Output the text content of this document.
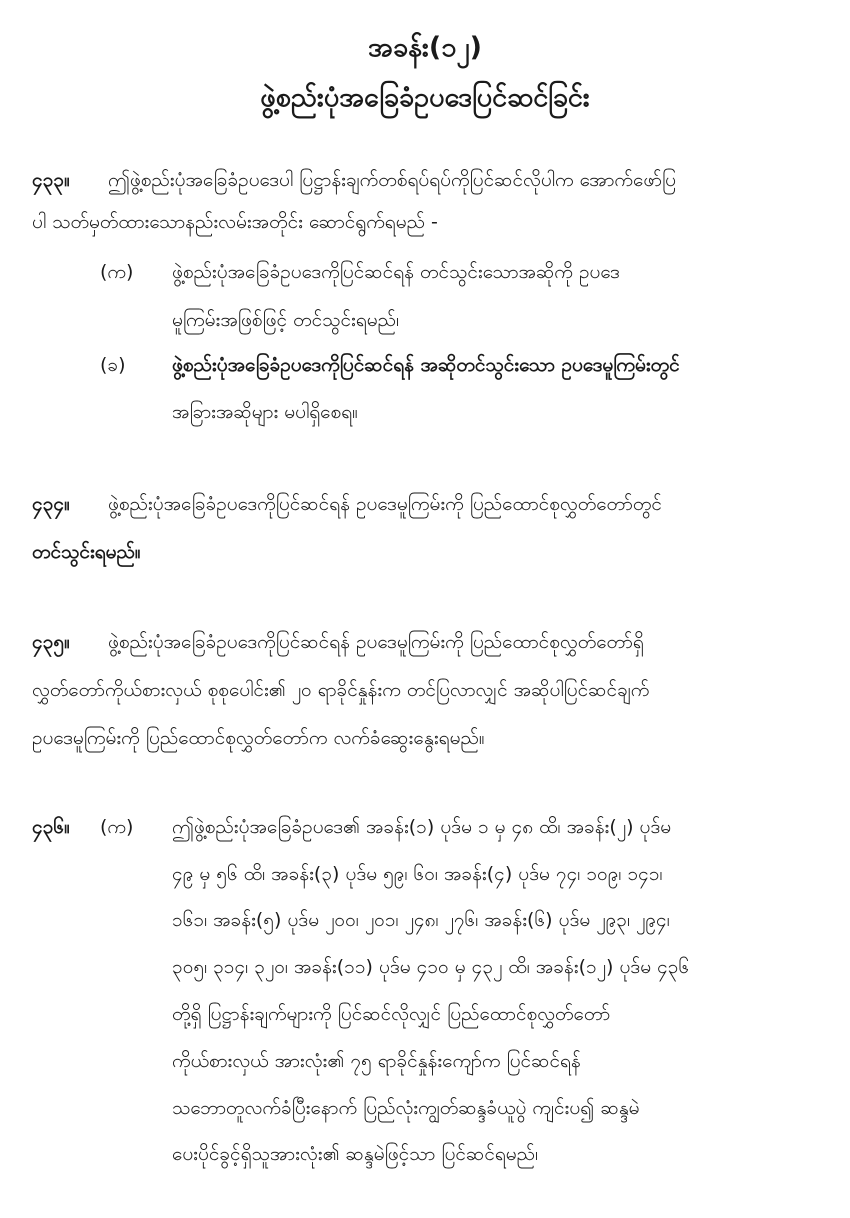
အခန်း(၁၂)
ဖွဲ့စည်းပုံအခြေခံဥပဒေပြင်ဆင်ခြင်း
၄၃၃။ ဤဖွဲ့စည်းပုံအခြေခံဥပဒေပါ ပြဋ္ဌာန်းချက်တစ်ရပ်ရပ်ကိုပြင်ဆင်လိုပါက အောက်ဖော်ပြ
ပါ သတ်မှတ်ထားသောနည်းလမ်းအတိုင်း ဆောင်ရွက်ရမည် -
(က) ဖွဲ့စည်းပုံအခြေခံဥပဒေကိုပြင်ဆင်ရန် တင်သွင်းသောအဆိုကို ဥပဒေ
မူကြမ်းအဖြစ်ဖြင့် တင်သွင်းရမည်၊
(ခ) ဖွဲ့စည်းပုံအခြေခံဥပဒေကိုပြင်ဆင်ရန် အဆိုတင်သွင်းသော ဥပဒေမူကြမ်းတွင်
အခြားအဆိုများ မပါရှိစေရ။
၄၃၄။ ဖွဲ့စည်းပုံအခြေခံဥပဒေကိုပြင်ဆင်ရန် ဥပဒေမူကြမ်းကို ပြည်ထောင်စုလွှတ်တော်တွင်
တင်သွင်းရမည်။
၄၃၅။ ဖွဲ့စည်းပုံအခြေခံဥပဒေကိုပြင်ဆင်ရန် ဥပဒေမူကြမ်းကို ပြည်ထောင်စုလွှတ်တော်ရှိ
လွှတ်တော်ကိုယ်စားလှယ် စုစုပေါင်း၏ ၂၀ ရာခိုင်နှုန်းက တင်ပြလာလျှင် အဆိုပါပြင်ဆင်ချက်
ဥပဒေမူကြမ်းကို ပြည်ထောင်စုလွှတ်တော်က လက်ခံဆွေးနွေးရမည်။
၄၃၆။ (က) ဤဖွဲ့စည်းပုံအခြေခံဥပဒေ၏ အခန်း(၁) ပုဒ်မ ၁ မှ ၄၈ ထိ၊ အခန်း(၂) ပုဒ်မ
၄၉ မှ ၅၆ ထိ၊ အခန်း(၃) ပုဒ်မ ၅၉၊ ၆၀၊ အခန်း(၄) ပုဒ်မ ၇၄၊ ၁၀၉၊ ၁၄၁၊
၁၆၁၊ အခန်း(၅) ပုဒ်မ ၂၀၀၊ ၂၀၁၊ ၂၄၈၊ ၂၇၆၊ အခန်း(၆) ပုဒ်မ ၂၉၃၊ ၂၉၄၊
၃၀၅၊ ၃၁၄၊ ၃၂၀၊ အခန်း(၁၁) ပုဒ်မ ၄၁၀ မှ ၄၃၂ ထိ၊ အခန်း(၁၂) ပုဒ်မ ၄၃၆
တို့ရှိ ပြဋ္ဌာန်းချက်များကို ပြင်ဆင်လိုလျှင် ပြည်ထောင်စုလွှတ်တော်
ကိုယ်စားလှယ် အားလုံး၏ ၇၅ ရာခိုင်နှုန်းကျော်က ပြင်ဆင်ရန်
သဘောတူလက်ခံပြီးနောက် ပြည်လုံးကျွတ်ဆန္ဒခံယူပွဲ ကျင်းပ၍ ဆန္ဒမဲ
ပေးပိုင်ခွင့်ရှိသူအားလုံး၏ ဆန္ဒမဲဖြင့်သာ ပြင်ဆင်ရမည်၊
